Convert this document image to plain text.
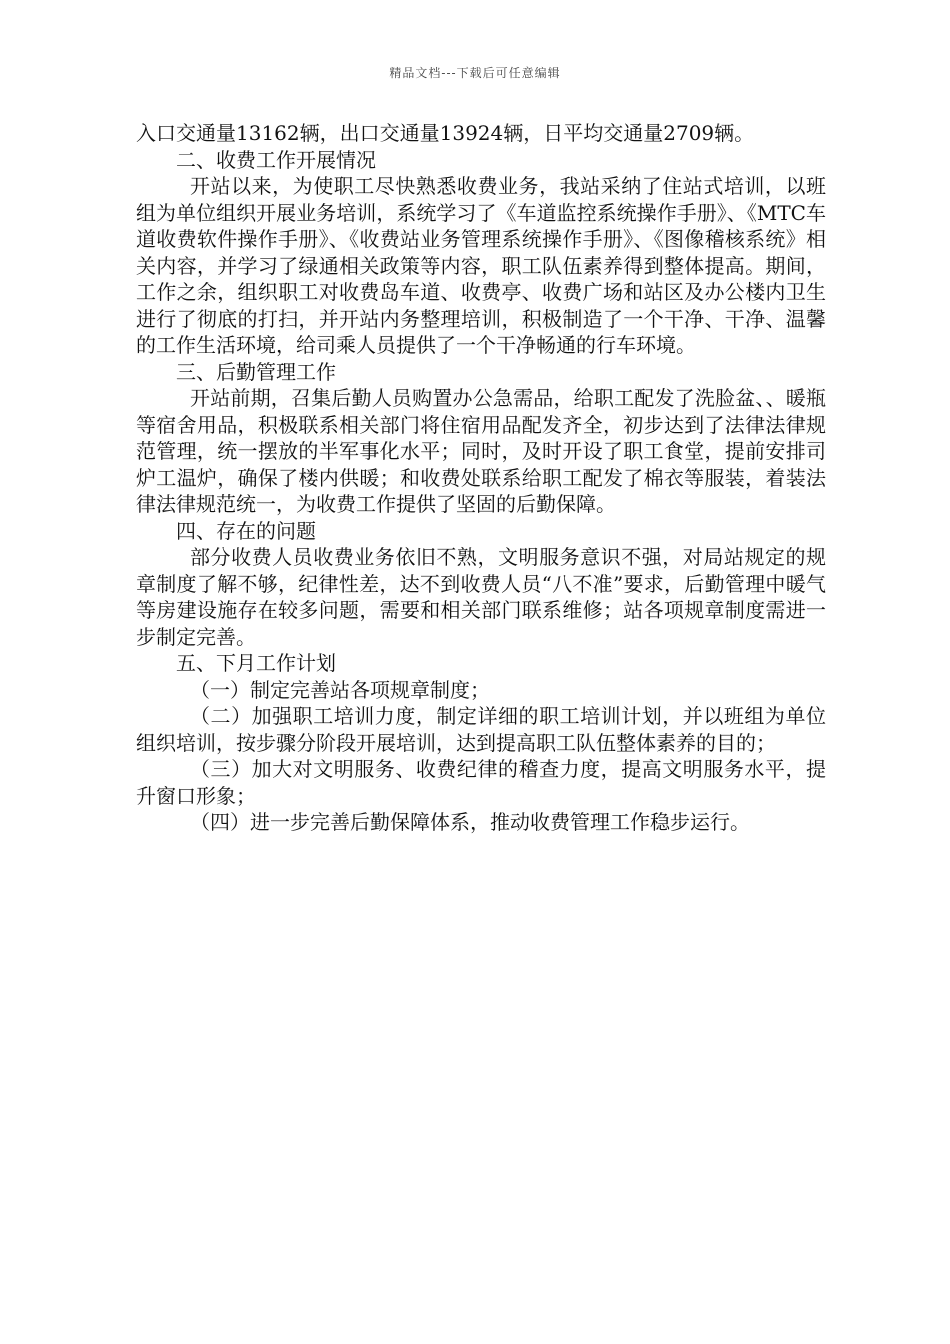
精品文档---下载后可任意编辑

入口交通量13162辆，出口交通量13924辆，日平均交通量2709辆。

二、收费工作开展情况

开站以来，为使职工尽快熟悉收费业务，我站采纳了住站式培训，以班组为单位组织开展业务培训，系统学习了《车道监控系统操作手册》、《MTC车道收费软件操作手册》、《收费站业务管理系统操作手册》、《图像稽核系统》相关内容，并学习了绿通相关政策等内容，职工队伍素养得到整体提高。期间，工作之余，组织职工对收费岛车道、收费亭、收费广场和站区及办公楼内卫生进行了彻底的打扫，并开站内务整理培训，积极制造了一个干净、干净、温馨的工作生活环境，给司乘人员提供了一个干净畅通的行车环境。

三、后勤管理工作

开站前期，召集后勤人员购置办公急需品，给职工配发了洗脸盆、、暖瓶等宿舍用品，积极联系相关部门将住宿用品配发齐全，初步达到了法律法律规范管理，统一摆放的半军事化水平；同时，及时开设了职工食堂，提前安排司炉工温炉，确保了楼内供暖；和收费处联系给职工配发了棉衣等服装，着装法律法律规范统一，为收费工作提供了坚固的后勤保障。

四、存在的问题

部分收费人员收费业务依旧不熟，文明服务意识不强，对局站规定的规章制度了解不够，纪律性差，达不到收费人员“八不准”要求，后勤管理中暖气等房建设施存在较多问题，需要和相关部门联系维修；站各项规章制度需进一步制定完善。

五、下月工作计划

（一）制定完善站各项规章制度；

（二）加强职工培训力度，制定详细的职工培训计划，并以班组为单位组织培训，按步骤分阶段开展培训，达到提高职工队伍整体素养的目的；

（三）加大对文明服务、收费纪律的稽查力度，提高文明服务水平，提升窗口形象；

（四）进一步完善后勤保障体系，推动收费管理工作稳步运行。
